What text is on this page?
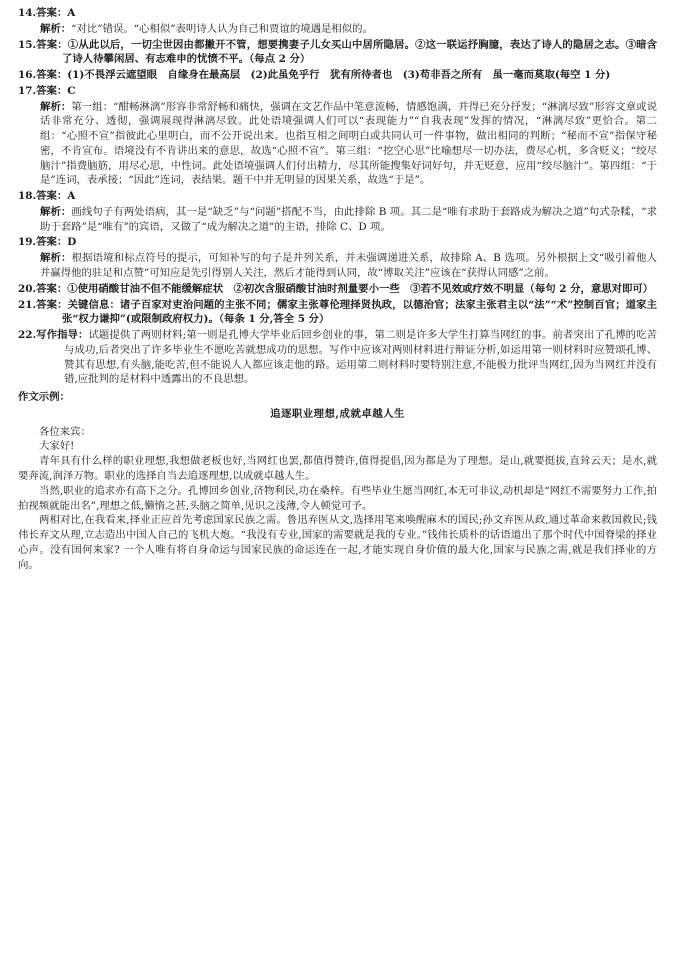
14. 答案：A
解析：“对比”错误。“心相似”表明诗人认为自己和贾谊的境遇是相似的。
15.答案：①从此以后，一切尘世因由都撇开不管，想要携妻子儿女买山中居所隐居。②这一联运抒胸臆，表达了诗人的隐居之志。③暗含了诗人待攀闲居、有志难申的忧愤不平。（每点 2 分）
16.答案：(1)不畏浮云遮望眼　自缘身在最高层　(2)此虽免乎行　犹有所待者也　(3)苟非吾之所有　虽一毫而莫取(每空 1 分)
17. 答案：C
解析：第一组：“酣畅淋漓”形容非常舒畅和痛快，强调在文艺作品中笔意流畅，情感饱满，并得已充分抒发；“淋漓尽致”形容文章或说话非常充分、透彻，强调展现得淋漓尽致。此处语境强调人们可以“表现能力”“自我表现”发挥的情况，“淋漓尽致”更恰合。第二组：“心照不宣”指彼此心里明白，而不公开说出来。也指互相之间明白或共同认可一件事物，做出相同的判断；“秘而不宣”指保守秘密，不肯宣布。语境没有不肯讲出来的意思，故选“心照不宣”。第三组：“挖空心思”比喻想尽一切办法，费尽心机，多含贬义；“绞尽脑汁”指费脑筋，用尽心思，中性词。此处语境强调人们付出精力，尽其所能搜集好词好句，并无贬意，应用“绞尽脑汁”。第四组：“于是”连词，表承接；“因此”连词，表结果。题干中并无明显的因果关系，故选“于是”。
18. 答案：A
解析：画线句子有两处语病，其一是“缺乏”与“问题”搭配不当，由此排除 B 项。其二是“唯有求助于套路成为解决之道”句式杂糅，“求助于套路”是“唯有”的宾语，又做了“成为解决之道”的主语，排除 C、D 项。
19. 答案：D
解析：根据语境和标点符号的提示，可知补写的句子是并列关系，并未强调递进关系，故排除 A、B 选项。另外根据上文“吸引着他人并赢得他的驻足和点赞”可知应是先引得别人关注，然后才能得到认同，故“博取关注”应该在“获得认同感”之前。
20.答案：①使用硝酸甘油不但不能缓解症状　②初次含服硝酸甘油时剂量要小一些　③若不见效或疗效不明显（每句 2 分，意思对即可）
21.答案：关键信息：诸子百家对吏治问题的主张不同；儒家主张尊伦理择贤执政，以德治官；法家主张君主以“法”“术”控制百官；道家主张“权力谦抑”(或限制政府权力)。（每条 1 分,答全 5 分）
22.写作指导：试题提供了两则材料;第一则是孔博大学毕业后回乡创业的事，第二则是许多大学生打算当网红的事。前者突出了孔博的吃苦与成功,后者突出了许多毕业生不愿吃苦就想成功的思想。写作中应该对两则材料进行辩证分析,如运用第一则材料时应赞颂孔博、赞其有思想,有头脑,能吃苦,但不能说人人都应该走他的路。运用第二则材料时要特别注意,不能极力批评当网红,因为当网红并没有错,应批判的是材料中透露出的不良思想。
作文示例：
追逐职业理想,成就卓越人生
各位来宾：
大家好!
青年具有什么样的职业理想,我想做老板也好,当网红也罢,都值得赞许,值得提倡,因为都是为了理想。是山,就要挺拔,直耸云天；是水,就要奔流,润泽万物。职业的选择自当去追逐理想,以成就卓越人生。
当然,职业的追求亦有高下之分。孔博回乡创业,济物利民,功在桑梓。有些毕业生愿当网红,本无可非议,动机却是“网红不需要努力工作,拍拍视频就能出名”,理想之低,懒惰之甚,头脑之简单,见识之浅薄,令人顿觉可予。
两相对比,在我看来,择业正应首先考虑国家民族之需。鲁迅弃医从文,选择用笔来唤醒麻木的国民;孙文弃医从政,通过革命来救国救民;钱伟长弃文从理,立志造出中国人自己的飞机大炮。“我没有专业,国家的需要就是我的专业。”钱伟长质朴的话语道出了那个时代中国脊梁的择业心声。没有国何来家? 一个人唯有将自身命运与国家民族的命运连在一起,才能实现自身价值的最大化,国家与民族之需,就是我们择业的方向。
